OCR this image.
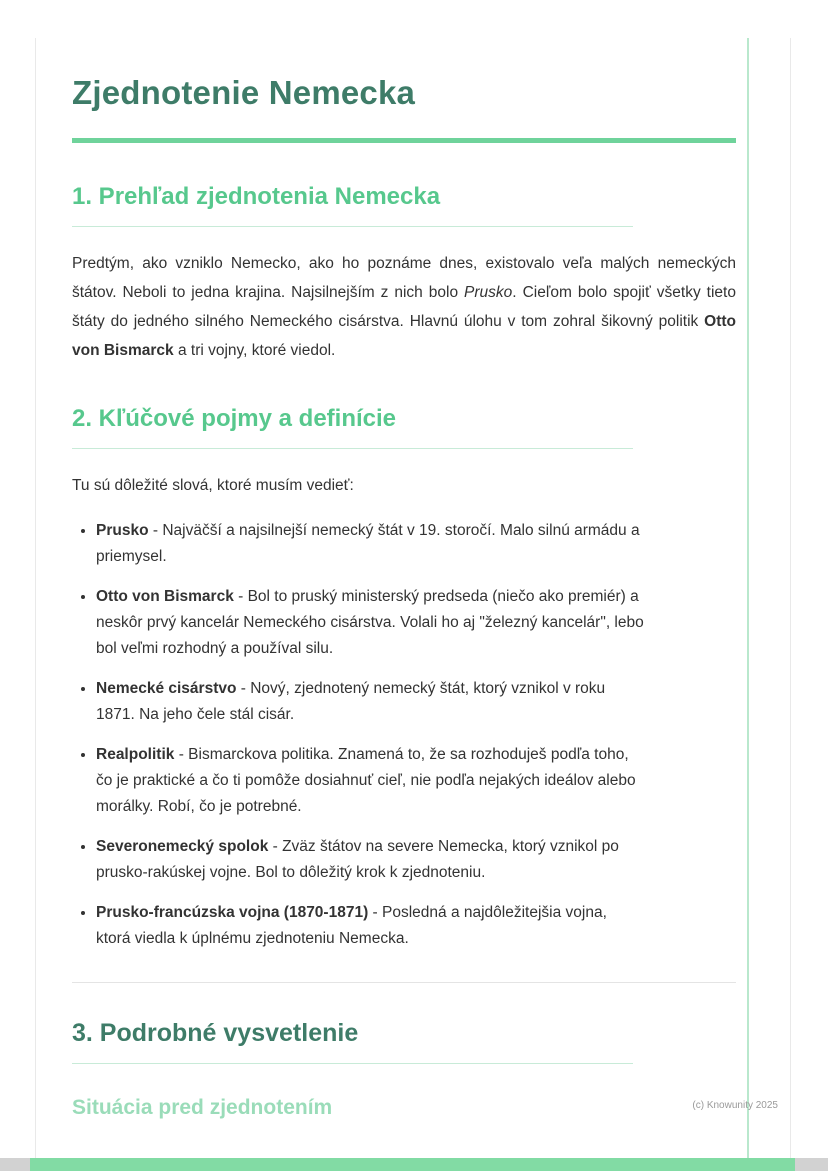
Zjednotenie Nemecka
1. Prehľad zjednotenia Nemecka

Predtým, ako vzniklo Nemecko, ako ho poznáme dnes, existovalo veľa malých nemeckých štátov. Neboli to jedna krajina. Najsilnejším z nich bolo Prusko. Cieľom bolo spojiť všetky tieto štáty do jedného silného Nemeckého cisárstva. Hlavnú úlohu v tom zohral šikovný politik Otto von Bismarck a tri vojny, ktoré viedol.

2. Kľúčové pojmy a definície

Tu sú dôležité slová, ktoré musím vedieť:

• Prusko - Najväčší a najsilnejší nemecký štát v 19. storočí. Malo silnú armádu a priemysel.
• Otto von Bismarck - Bol to pruský ministerský predseda (niečo ako premiér) a neskôr prvý kancelár Nemeckého cisárstva. Volali ho aj "železný kancelár", lebo bol veľmi rozhodný a používal silu.
• Nemecké cisárstvo - Nový, zjednotený nemecký štát, ktorý vznikol v roku 1871. Na jeho čele stál cisár.
• Realpolitik - Bismarckova politika. Znamená to, že sa rozhoduješ podľa toho, čo je praktické a čo ti pomôže dosiahnuť cieľ, nie podľa nejakých ideálov alebo morálky. Robí, čo je potrebné.
• Severonemecký spolok - Zväz štátov na severe Nemecka, ktorý vznikol po prusko-rakúskej vojne. Bol to dôležitý krok k zjednoteniu.
• Prusko-francúzska vojna (1870-1871) - Posledná a najdôležitejšia vojna, ktorá viedla k úplnému zjednoteniu Nemecka.
3. Podrobné vysvetlenie
Situácia pred zjednotením	(c) Knowunity 2025
